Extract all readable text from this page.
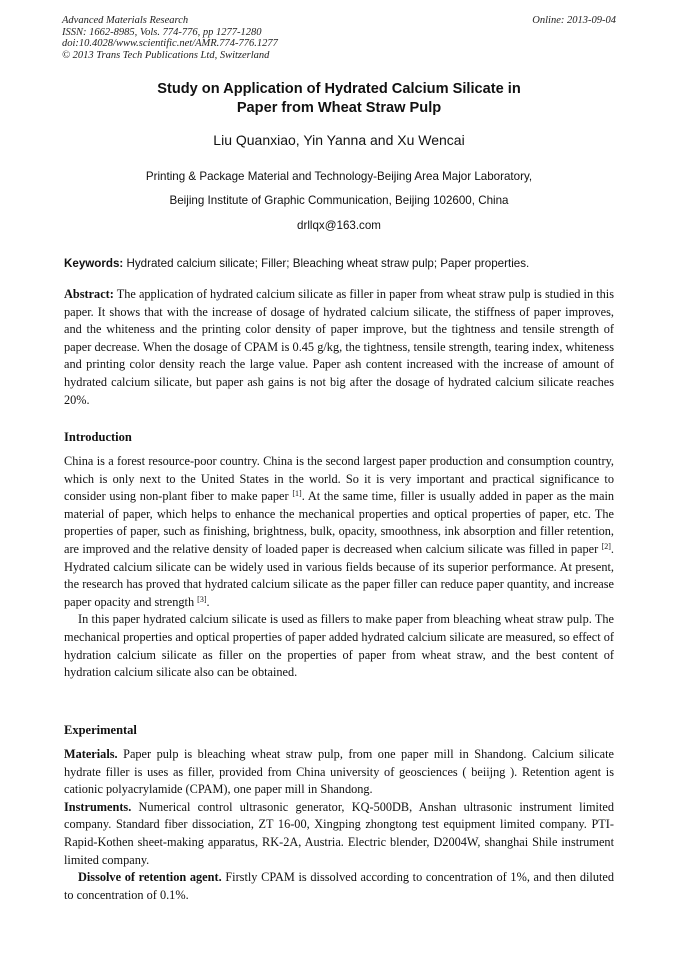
Advanced Materials Research
ISSN: 1662-8985, Vols. 774-776, pp 1277-1280
doi:10.4028/www.scientific.net/AMR.774-776.1277
© 2013 Trans Tech Publications Ltd, Switzerland
Online: 2013-09-04
Study on Application of Hydrated Calcium Silicate in
Paper from Wheat Straw Pulp
Liu Quanxiao, Yin Yanna and Xu Wencai
Printing & Package Material and Technology-Beijing Area Major Laboratory,
Beijing Institute of Graphic Communication, Beijing 102600, China
drllqx@163.com
Keywords: Hydrated calcium silicate; Filler; Bleaching wheat straw pulp; Paper properties.

Abstract: The application of hydrated calcium silicate as filler in paper from wheat straw pulp is studied in this paper. It shows that with the increase of dosage of hydrated calcium silicate, the stiffness of paper improves, and the whiteness and the printing color density of paper improve, but the tightness and tensile strength of paper decrease. When the dosage of CPAM is 0.45 g/kg, the tightness, tensile strength, tearing index, whiteness and printing color density reach the large value. Paper ash content increased with the increase of amount of hydrated calcium silicate, but paper ash gains is not big after the dosage of hydrated calcium silicate reaches 20%.

Introduction

China is a forest resource-poor country. China is the second largest paper production and consumption country, which is only next to the United States in the world. So it is very important and practical significance to consider using non-plant fiber to make paper [1]. At the same time, filler is usually added in paper as the main material of paper, which helps to enhance the mechanical properties and optical properties of paper, etc. The properties of paper, such as finishing, brightness, bulk, opacity, smoothness, ink absorption and filler retention, are improved and the relative density of loaded paper is decreased when calcium silicate was filled in paper [2]. Hydrated calcium silicate can be widely used in various fields because of its superior performance. At present, the research has proved that hydrated calcium silicate as the paper filler can reduce paper quantity, and increase paper opacity and strength [3].

In this paper hydrated calcium silicate is used as fillers to make paper from bleaching wheat straw pulp. The mechanical properties and optical properties of paper added hydrated calcium silicate are measured, so effect of hydration calcium silicate as filler on the properties of paper from wheat straw, and the best content of hydration calcium silicate also can be obtained.

Experimental

Materials. Paper pulp is bleaching wheat straw pulp, from one paper mill in Shandong. Calcium silicate hydrate filler is uses as filler, provided from China university of geosciences ( beiijng ). Retention agent is cationic polyacrylamide (CPAM), one paper mill in Shandong.

Instruments. Numerical control ultrasonic generator, KQ-500DB, Anshan ultrasonic instrument limited company. Standard fiber dissociation, ZT 16-00, Xingping zhongtong test equipment limited company. PTI-Rapid-Kothen sheet-making apparatus, RK-2A, Austria. Electric blender, D2004W, shanghai Shile instrument limited company.

Dissolve of retention agent. Firstly CPAM is dissolved according to concentration of 1%, and then diluted to concentration of 0.1%.
